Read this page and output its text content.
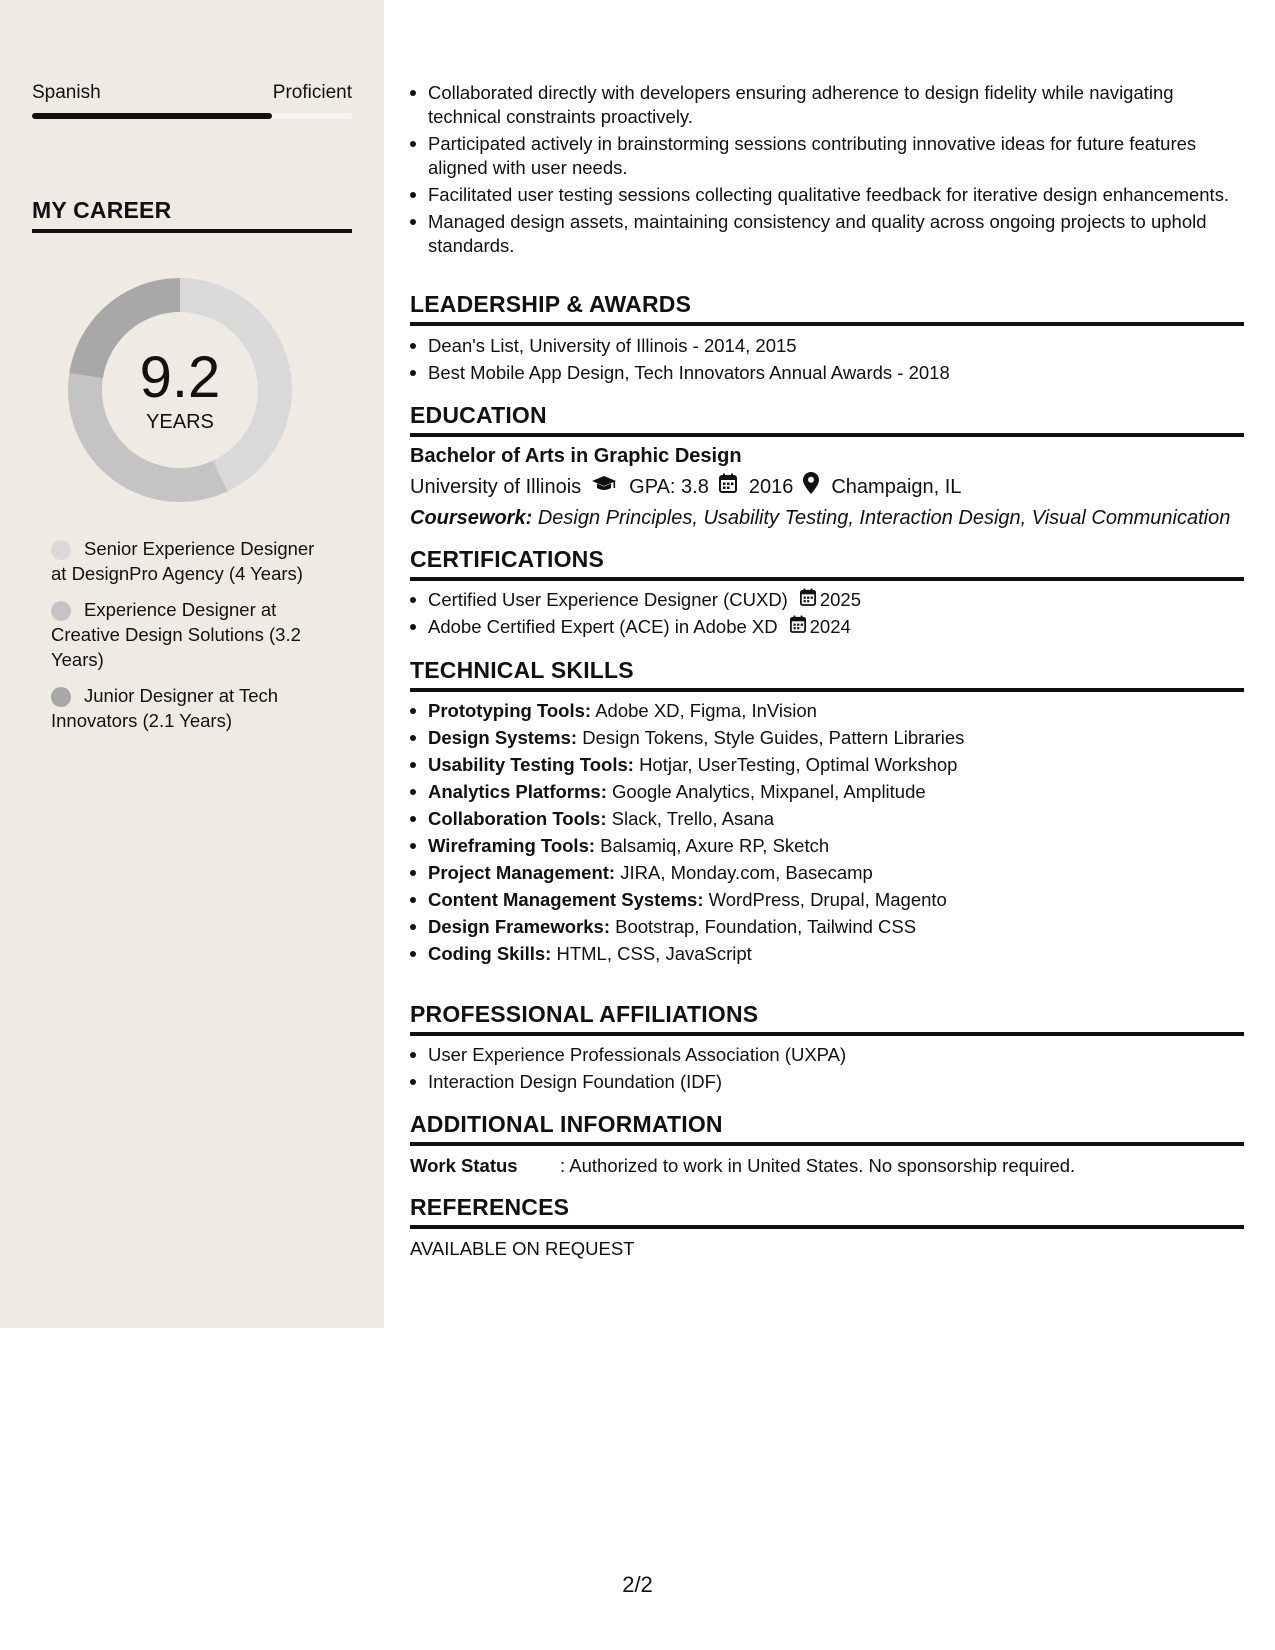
Spanish	Proficient
MY CAREER
9.2
YEARS
Senior Experience Designer at DesignPro Agency (4 Years)
Experience Designer at Creative Design Solutions (3.2 Years)
Junior Designer at Tech Innovators (2.1 Years)
Collaborated directly with developers ensuring adherence to design fidelity while navigating technical constraints proactively.
Participated actively in brainstorming sessions contributing innovative ideas for future features aligned with user needs.
Facilitated user testing sessions collecting qualitative feedback for iterative design enhancements.
Managed design assets, maintaining consistency and quality across ongoing projects to uphold standards.
LEADERSHIP & AWARDS
Dean's List, University of Illinois - 2014, 2015
Best Mobile App Design, Tech Innovators Annual Awards - 2018
EDUCATION
Bachelor of Arts in Graphic Design
University of Illinois GPA: 3.8 2016 Champaign, IL
Coursework: Design Principles, Usability Testing, Interaction Design, Visual Communication
CERTIFICATIONS
Certified User Experience Designer (CUXD) 2025
Adobe Certified Expert (ACE) in Adobe XD 2024
TECHNICAL SKILLS
Prototyping Tools: Adobe XD, Figma, InVision
Design Systems: Design Tokens, Style Guides, Pattern Libraries
Usability Testing Tools: Hotjar, UserTesting, Optimal Workshop
Analytics Platforms: Google Analytics, Mixpanel, Amplitude
Collaboration Tools: Slack, Trello, Asana
Wireframing Tools: Balsamiq, Axure RP, Sketch
Project Management: JIRA, Monday.com, Basecamp
Content Management Systems: WordPress, Drupal, Magento
Design Frameworks: Bootstrap, Foundation, Tailwind CSS
Coding Skills: HTML, CSS, JavaScript
PROFESSIONAL AFFILIATIONS
User Experience Professionals Association (UXPA)
Interaction Design Foundation (IDF)
ADDITIONAL INFORMATION
Work Status : Authorized to work in United States. No sponsorship required.
REFERENCES
AVAILABLE ON REQUEST
2/2
